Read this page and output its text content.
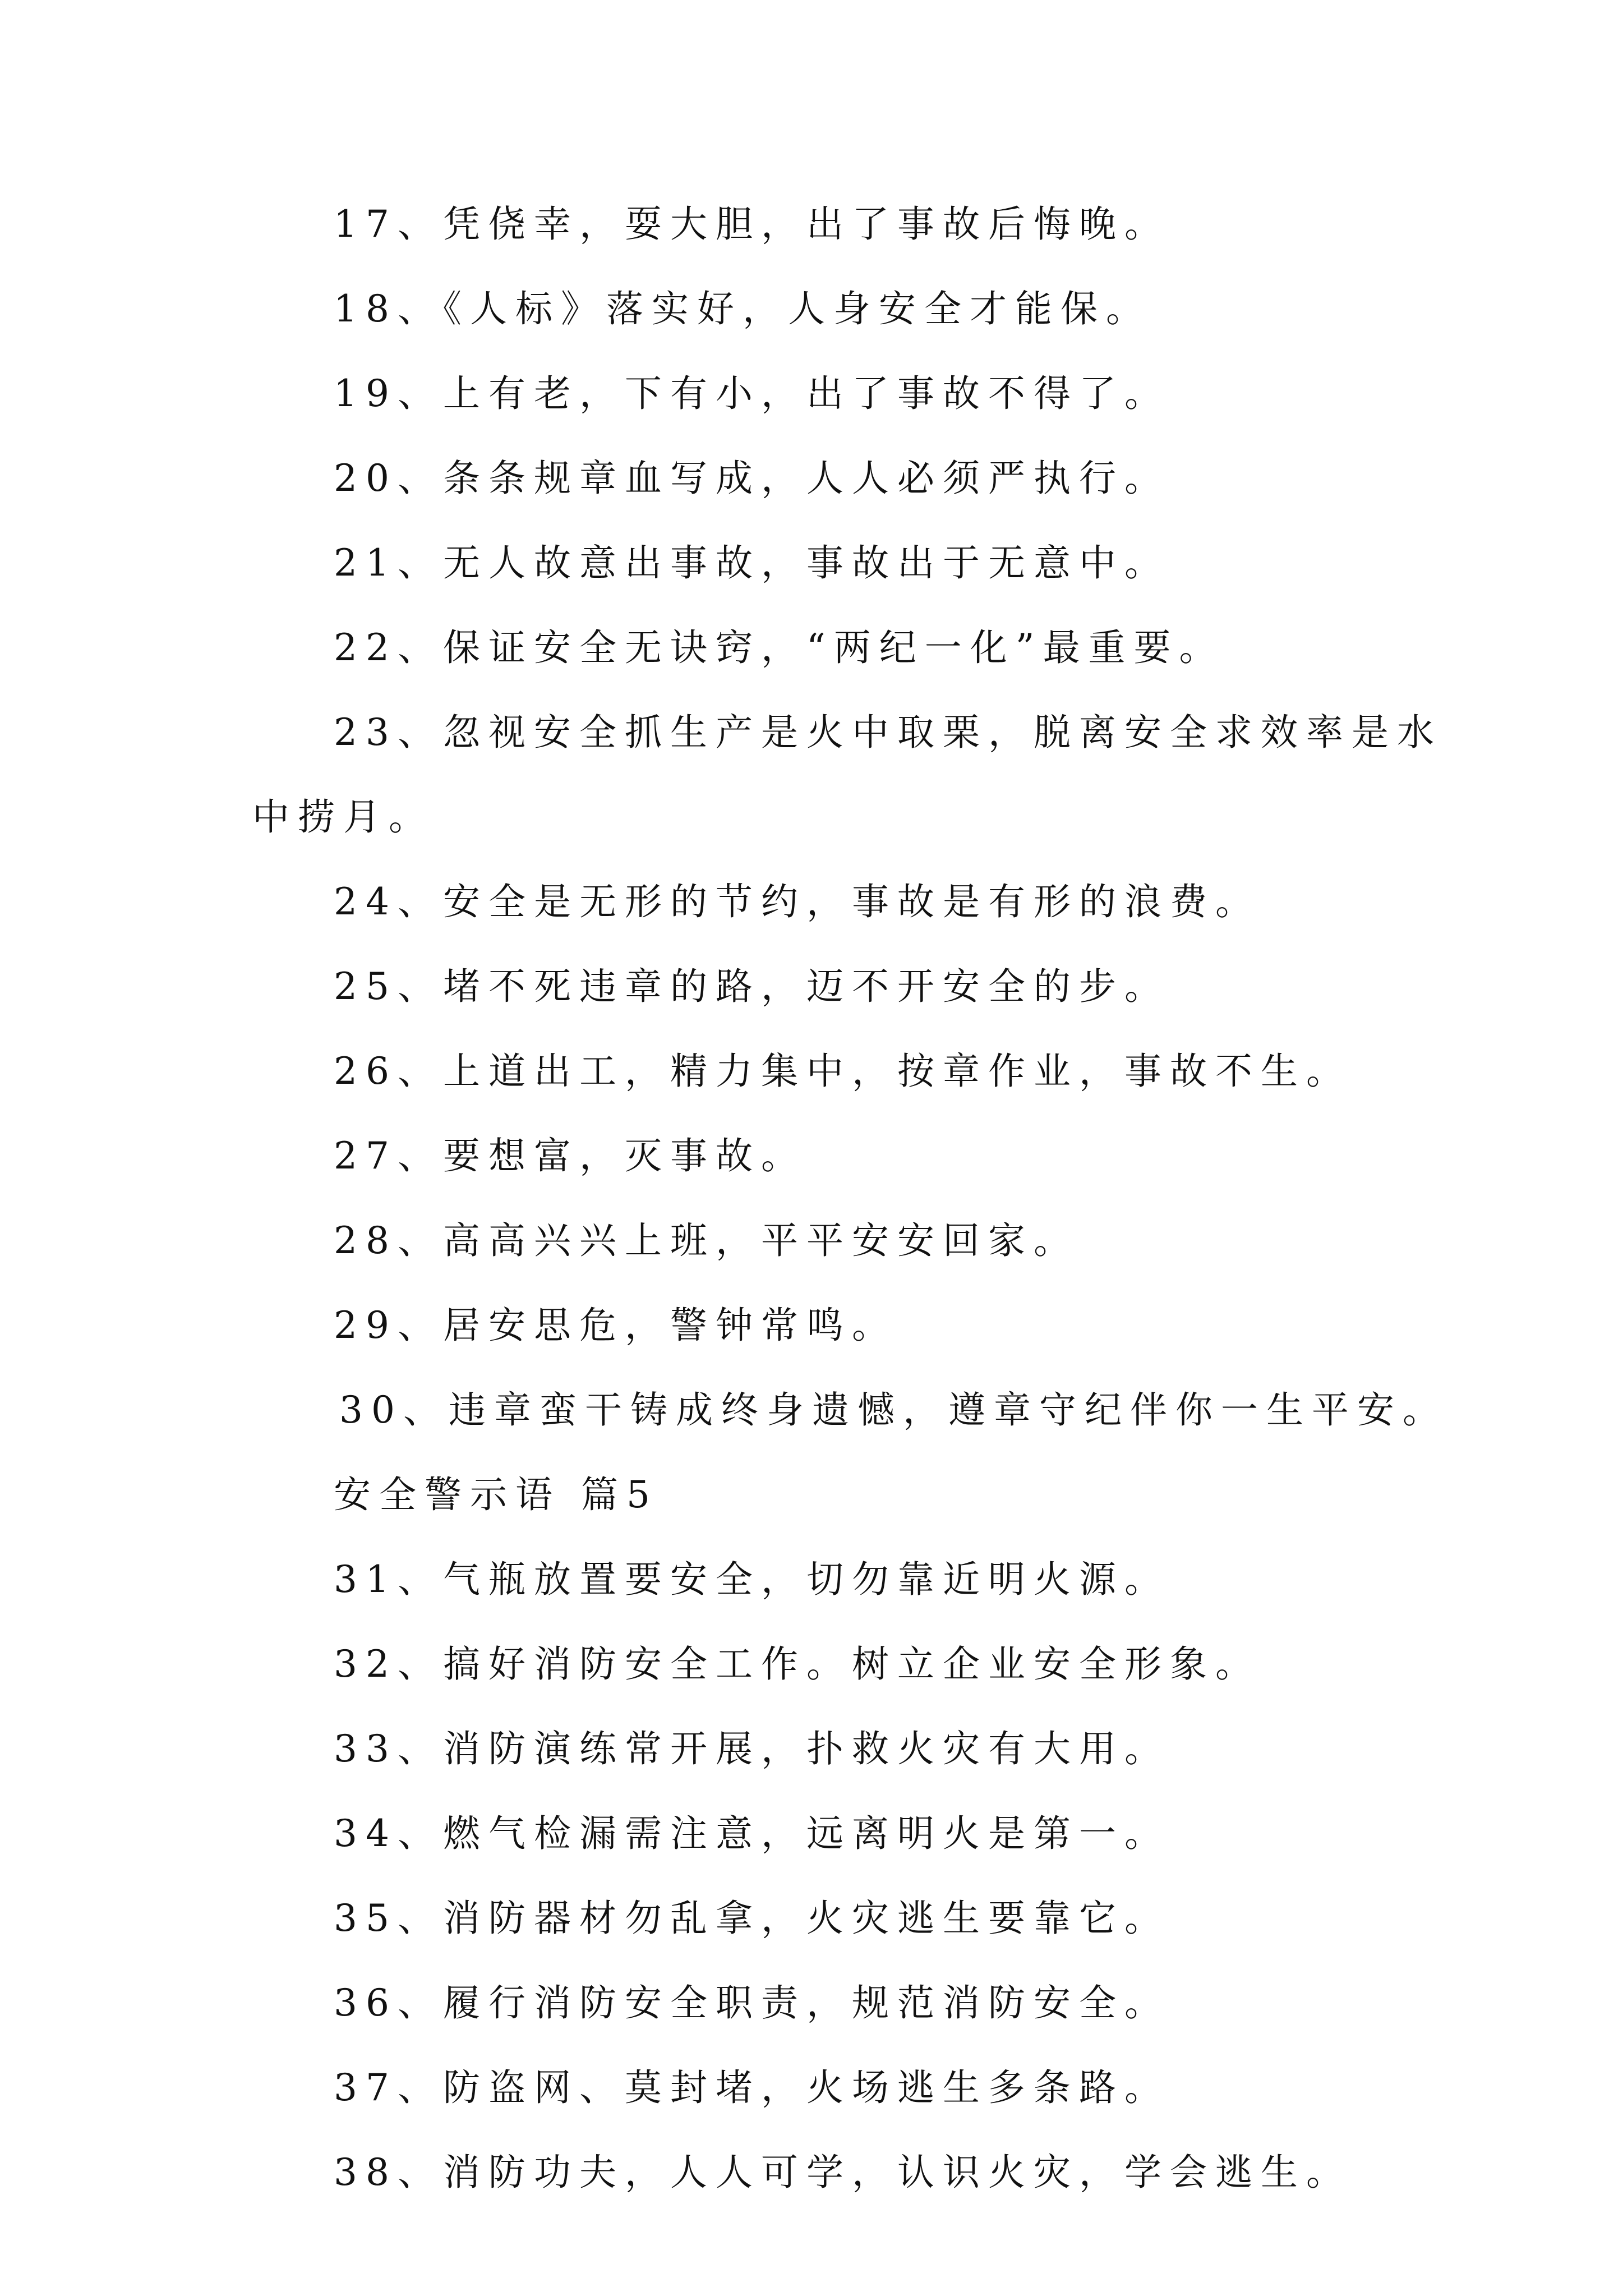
17、凭侥幸，耍大胆，出了事故后悔晚。
18、《人标》落实好，人身安全才能保。
19、上有老，下有小，出了事故不得了。
20、条条规章血写成，人人必须严执行。
21、无人故意出事故，事故出于无意中。
22、保证安全无诀窍，“两纪一化”最重要。
23、忽视安全抓生产是火中取栗，脱离安全求效率是水
中捞月。
24、安全是无形的节约，事故是有形的浪费。
25、堵不死违章的路，迈不开安全的步。
26、上道出工，精力集中，按章作业，事故不生。
27、要想富，灭事故。
28、高高兴兴上班，平平安安回家。
29、居安思危，警钟常鸣。
30、违章蛮干铸成终身遗憾，遵章守纪伴你一生平安。
安全警示语 篇5
31、气瓶放置要安全，切勿靠近明火源。
32、搞好消防安全工作。树立企业安全形象。
33、消防演练常开展，扑救火灾有大用。
34、燃气检漏需注意，远离明火是第一。
35、消防器材勿乱拿，火灾逃生要靠它。
36、履行消防安全职责，规范消防安全。
37、防盗网、莫封堵，火场逃生多条路。
38、消防功夫，人人可学，认识火灾，学会逃生。
